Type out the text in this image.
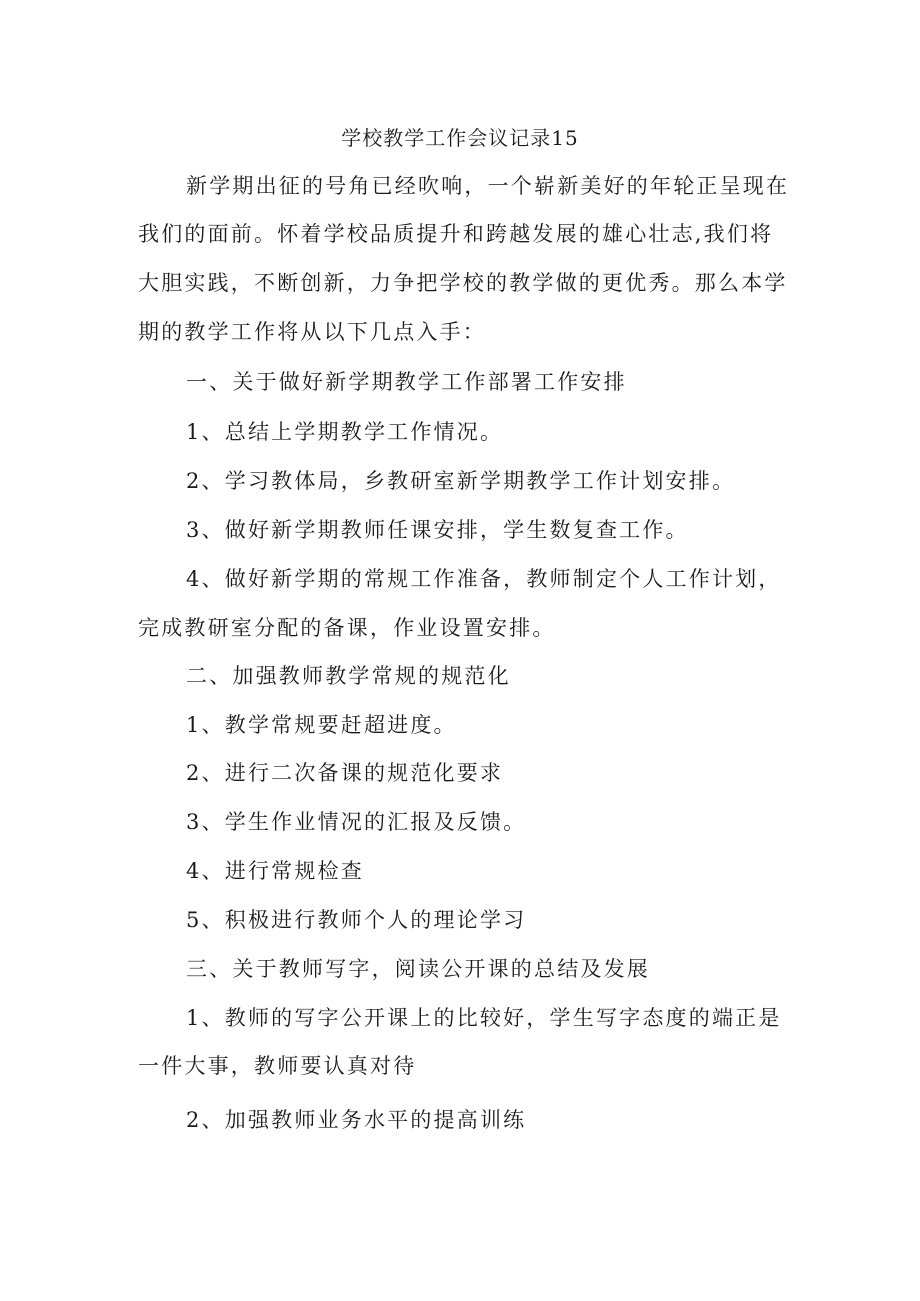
学校教学工作会议记录15
新学期出征的号角已经吹响，一个崭新美好的年轮正呈现在
我们的面前。怀着学校品质提升和跨越发展的雄心壮志,我们将
大胆实践，不断创新，力争把学校的教学做的更优秀。那么本学
期的教学工作将从以下几点入手：
一、关于做好新学期教学工作部署工作安排
1、总结上学期教学工作情况。
2、学习教体局，乡教研室新学期教学工作计划安排。
3、做好新学期教师任课安排，学生数复查工作。
4、做好新学期的常规工作准备，教师制定个人工作计划，
完成教研室分配的备课，作业设置安排。
二、加强教师教学常规的规范化
1、教学常规要赶超进度。
2、进行二次备课的规范化要求
3、学生作业情况的汇报及反馈。
4、进行常规检查
5、积极进行教师个人的理论学习
三、关于教师写字，阅读公开课的总结及发展
1、教师的写字公开课上的比较好，学生写字态度的端正是
一件大事，教师要认真对待
2、加强教师业务水平的提高训练
